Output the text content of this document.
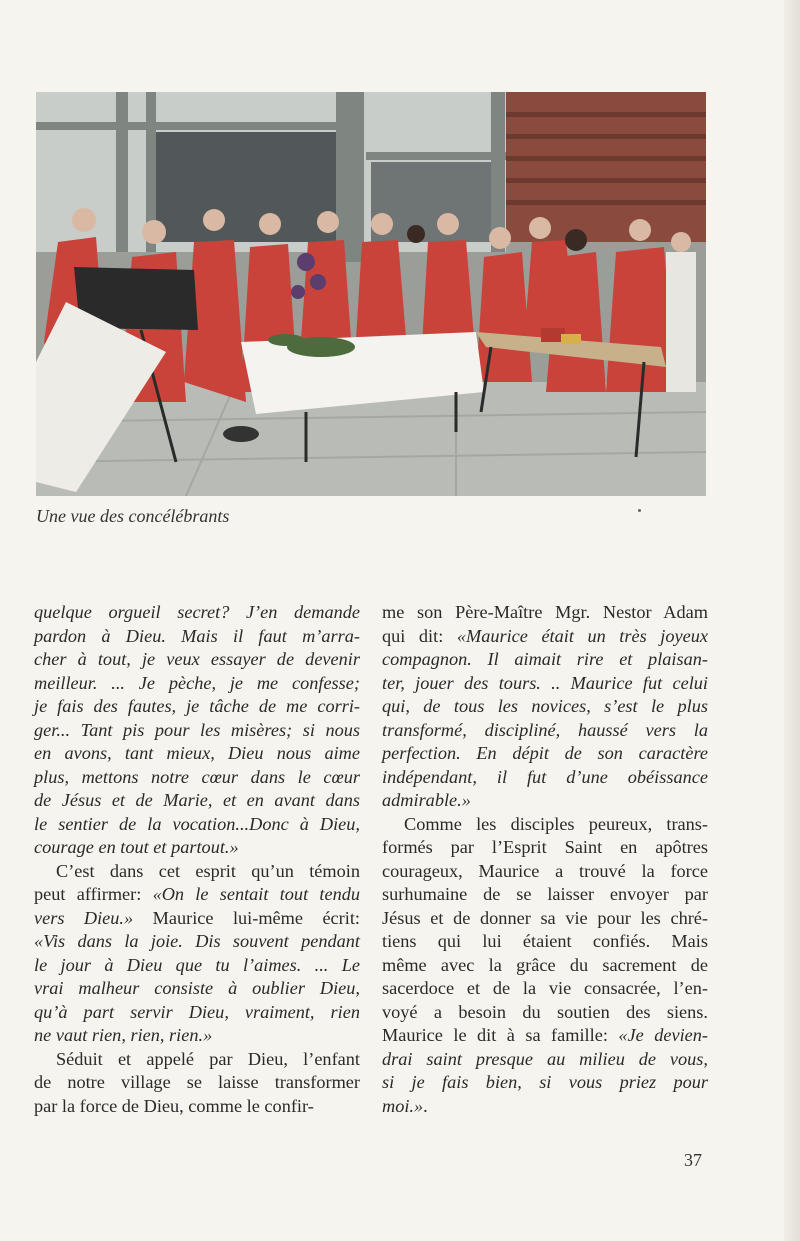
Une vue des concélébrants
quelque orgueil secret? J’en demande
pardon à Dieu. Mais il faut m’arra-
cher à tout, je veux essayer de devenir
meilleur. ... Je pèche, je me confesse;
je fais des fautes, je tâche de me corri-
ger... Tant pis pour les misères; si nous
en avons, tant mieux, Dieu nous aime
plus, mettons notre cœur dans le cœur
de Jésus et de Marie, et en avant dans
le sentier de la vocation...Donc à Dieu,
courage en tout et partout.»
C’est dans cet esprit qu’un témoin
peut affirmer: «On le sentait tout tendu
vers Dieu.» Maurice lui-même écrit:
«Vis dans la joie. Dis souvent pendant
le jour à Dieu que tu l’aimes. ... Le
vrai malheur consiste à oublier Dieu,
qu’à part servir Dieu, vraiment, rien
ne vaut rien, rien, rien.»
Séduit et appelé par Dieu, l’enfant
de notre village se laisse transformer
par la force de Dieu, comme le confir-
me son Père-Maître Mgr. Nestor Adam
qui dit: «Maurice était un très joyeux
compagnon. Il aimait rire et plaisan-
ter, jouer des tours. .. Maurice fut celui
qui, de tous les novices, s’est le plus
transformé, discipliné, haussé vers la
perfection. En dépit de son caractère
indépendant, il fut d’une obéissance
admirable.»
Comme les disciples peureux, trans-
formés par l’Esprit Saint en apôtres
courageux, Maurice a trouvé la force
surhumaine de se laisser envoyer par
Jésus et de donner sa vie pour les chré-
tiens qui lui étaient confiés. Mais
même avec la grâce du sacrement de
sacerdoce et de la vie consacrée, l’en-
voyé a besoin du soutien des siens.
Maurice le dit à sa famille: «Je devien-
drai saint presque au milieu de vous,
si je fais bien, si vous priez pour
moi.».
37
